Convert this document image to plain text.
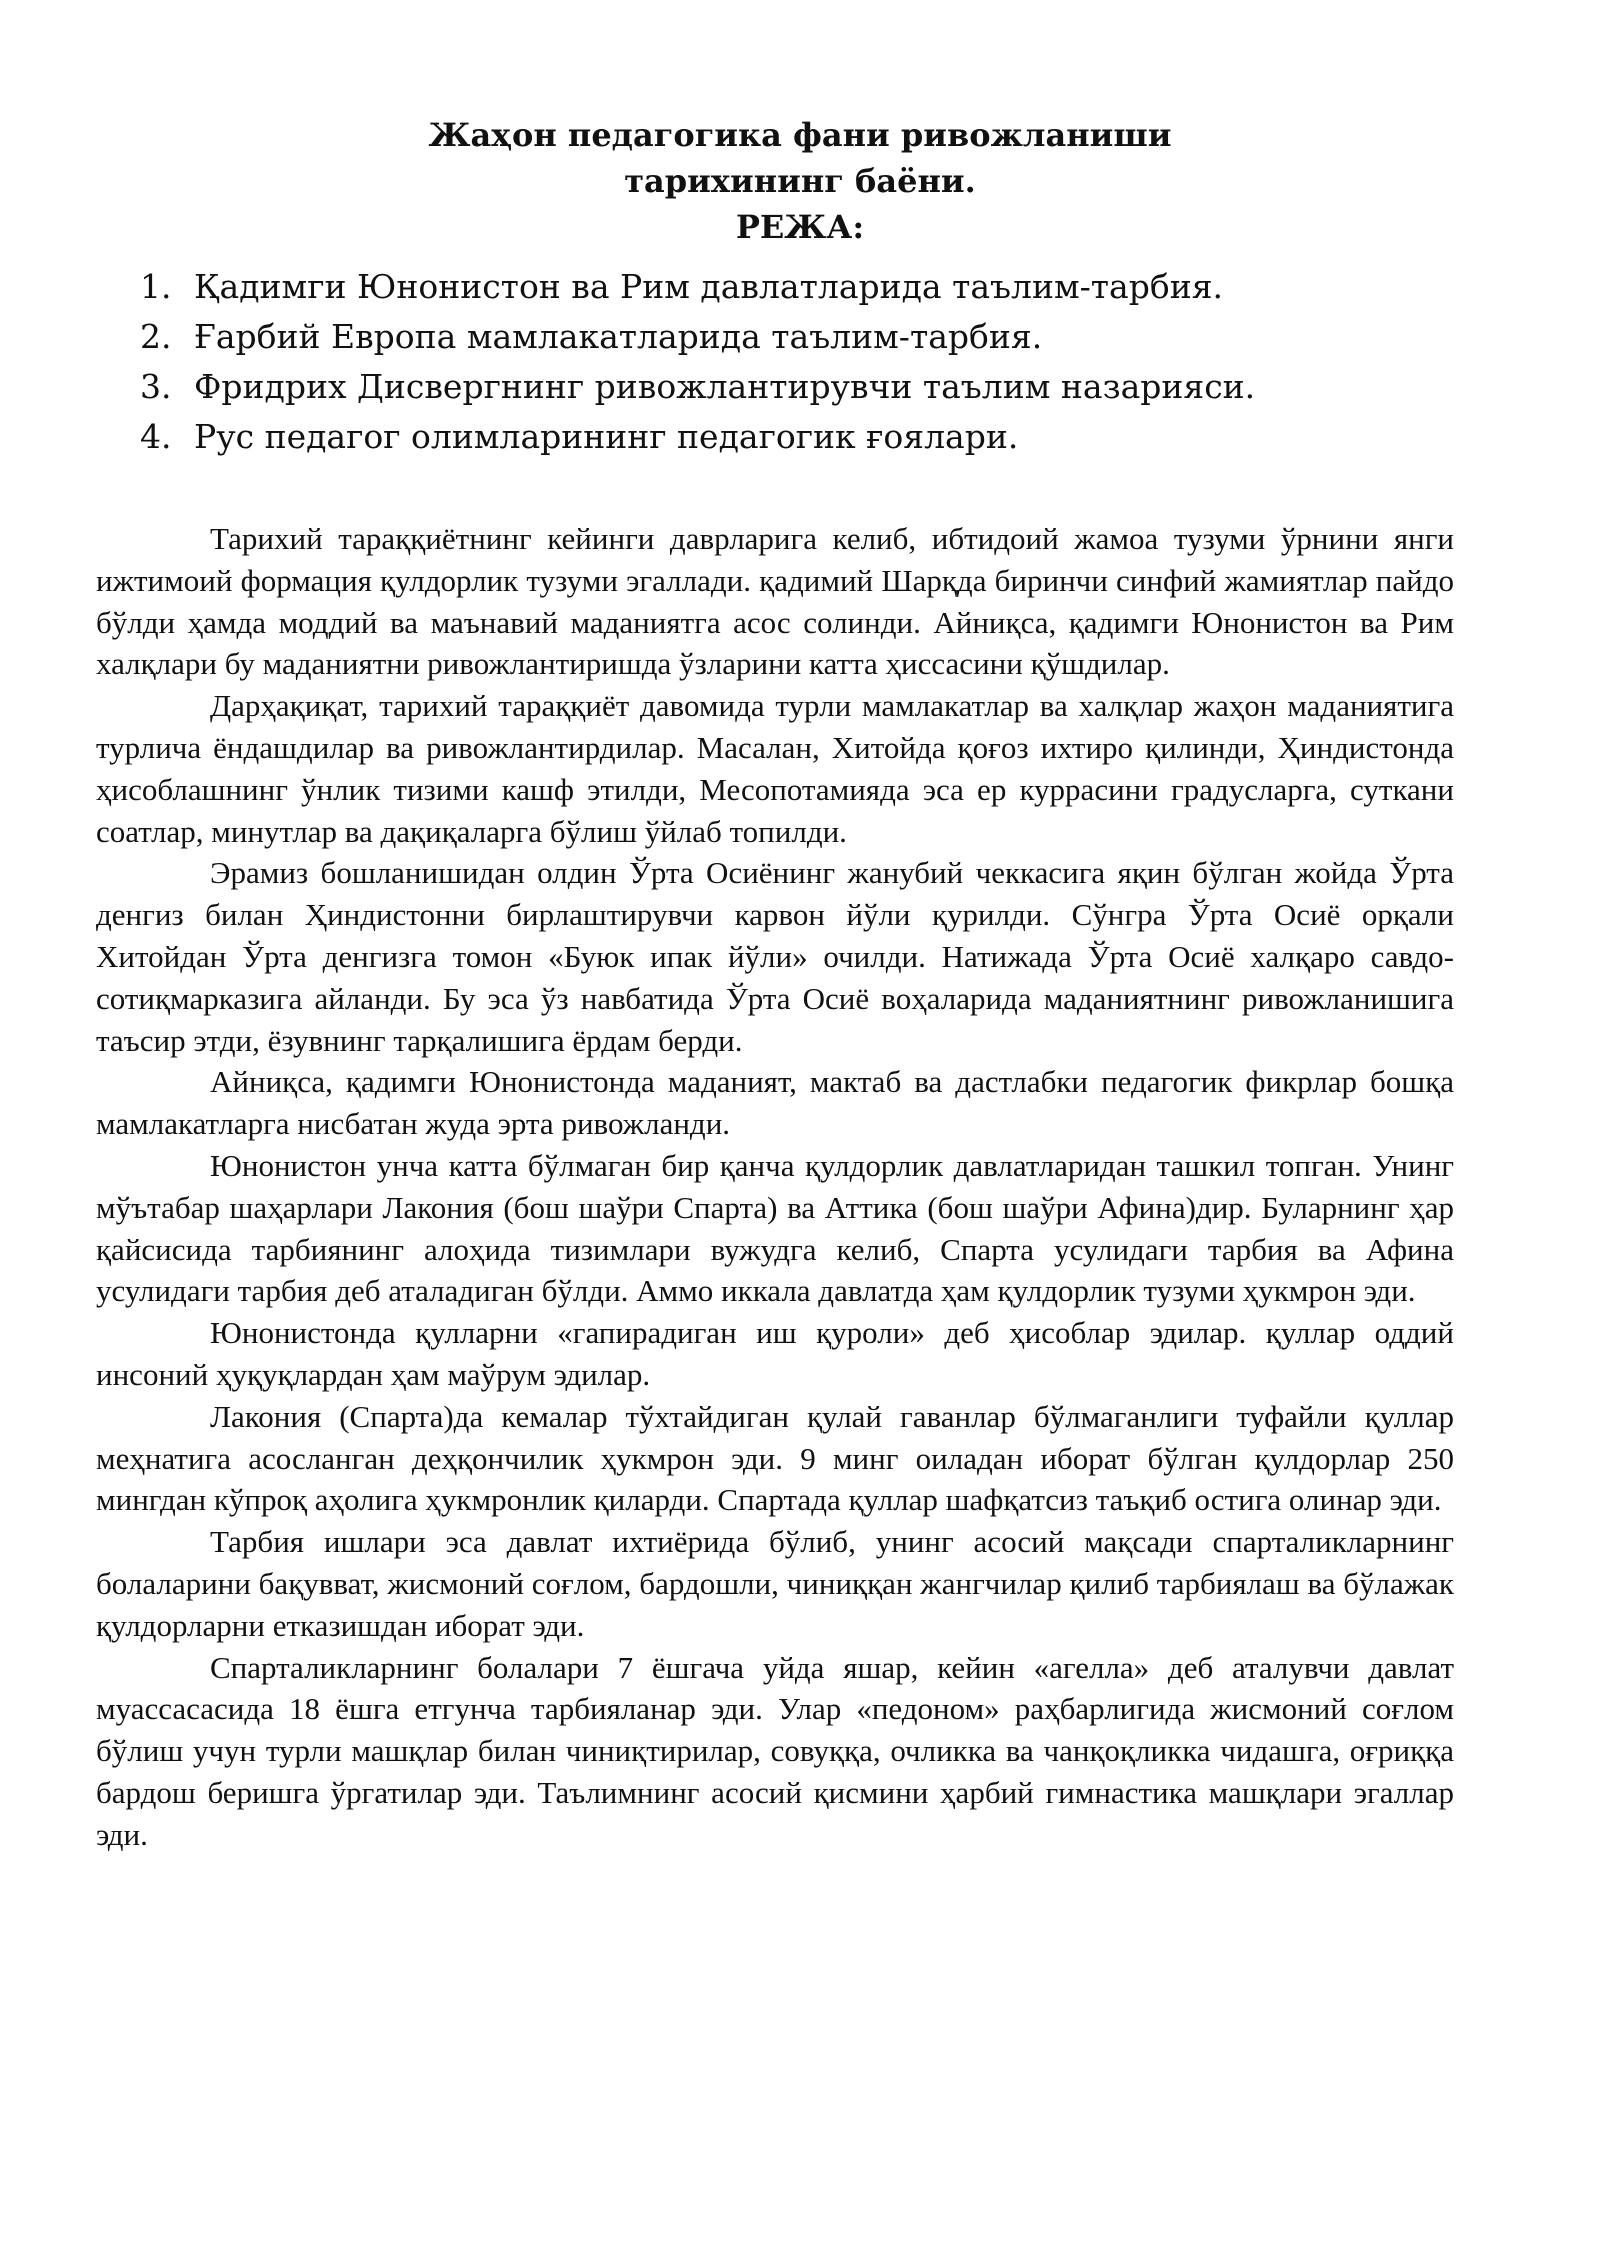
Жаҳон педагогика фани ривожланиши
тарихининг баёни.
РЕЖА:
1. Қадимги Юнонистон ва Рим давлатларида таълим-тарбия.
2. Ғарбий Европа мамлакатларида таълим-тарбия.
3. Фридрих Дисвергнинг ривожлантирувчи таълим назарияси.
4. Рус педагог олимларининг педагогик ғоялари.

Тарихий тараққиётнинг кейинги даврларига келиб, ибтидоий жамоа тузуми ўрнини янги ижтимоий формация қулдорлик тузуми эгаллади. қадимий Шарқда биринчи синфий жамиятлар пайдо бўлди ҳамда моддий ва маънавий маданиятга асос солинди. Айниқса, қадимги Юнонистон ва Рим халқлари бу маданиятни ривожлантиришда ўзларини катта ҳиссасини қўшдилар.

Дарҳақиқат, тарихий тараққиёт давомида турли мамлакатлар ва халқлар жаҳон маданиятига турлича ёндашдилар ва ривожлантирдилар. Масалан, Хитойда қоғоз ихтиро қилинди, Ҳиндистонда ҳисоблашнинг ўнлик тизими кашф этилди, Месопотамияда эса ер куррасини градусларга, суткани соатлар, минутлар ва дақиқаларга бўлиш ўйлаб топилди.

Эрамиз бошланишидан олдин Ўрта Осиёнинг жанубий чеккасига яқин бўлган жойда Ўрта денгиз билан Ҳиндистонни бирлаштирувчи карвон йўли қурилди. Сўнгра Ўрта Осиё орқали Хитойдан Ўрта денгизга томон «Буюк ипак йўли» очилди. Натижада Ўрта Осиё халқаро савдо-сотиқмарказига айланди. Бу эса ўз навбатида Ўрта Осиё воҳаларида маданиятнинг ривожланишига таъсир этди, ёзувнинг тарқалишига ёрдам берди.

Айниқса, қадимги Юнонистонда маданият, мактаб ва дастлабки педагогик фикрлар бошқа мамлакатларга нисбатан жуда эрта ривожланди.

Юнонистон унча катта бўлмаган бир қанча қулдорлик давлатларидан ташкил топган. Унинг мўътабар шаҳарлари Лакония (бош шаўри Спарта) ва Аттика (бош шаўри Афина)дир. Буларнинг ҳар қайсисида тарбиянинг алоҳида тизимлари вужудга келиб, Спарта усулидаги тарбия ва Афина усулидаги тарбия деб аталадиган бўлди. Аммо иккала давлатда ҳам қулдорлик тузуми ҳукмрон эди.

Юнонистонда қулларни «гапирадиган иш қуроли» деб ҳисоблар эдилар. қуллар оддий инсоний ҳуқуқлардан ҳам маўрум эдилар.

Лакония (Спарта)да кемалар тўхтайдиган қулай гаванлар бўлмаганлиги туфайли қуллар меҳнатига асосланган деҳқончилик ҳукмрон эди. 9 минг оиладан иборат бўлган қулдорлар 250 мингдан кўпроқ аҳолига ҳукмронлик қиларди. Спартада қуллар шафқатсиз таъқиб остига олинар эди.

Тарбия ишлари эса давлат ихтиёрида бўлиб, унинг асосий мақсади спарталикларнинг болаларини бақувват, жисмоний соғлом, бардошли, чиниққан жангчилар қилиб тарбиялаш ва бўлажак қулдорларни етказишдан иборат эди.

Спарталикларнинг болалари 7 ёшгача уйда яшар, кейин «агелла» деб аталувчи давлат муассасасида 18 ёшга етгунча тарбияланар эди. Улар «педоном» раҳбарлигида жисмоний соғлом бўлиш учун турли машқлар билан чиниқтирилар, совуққа, очликка ва чанқоқликка чидашга, оғриққа бардош беришга ўргатилар эди. Таълимнинг асосий қисмини ҳарбий гимнастика машқлари эгаллар эди.
